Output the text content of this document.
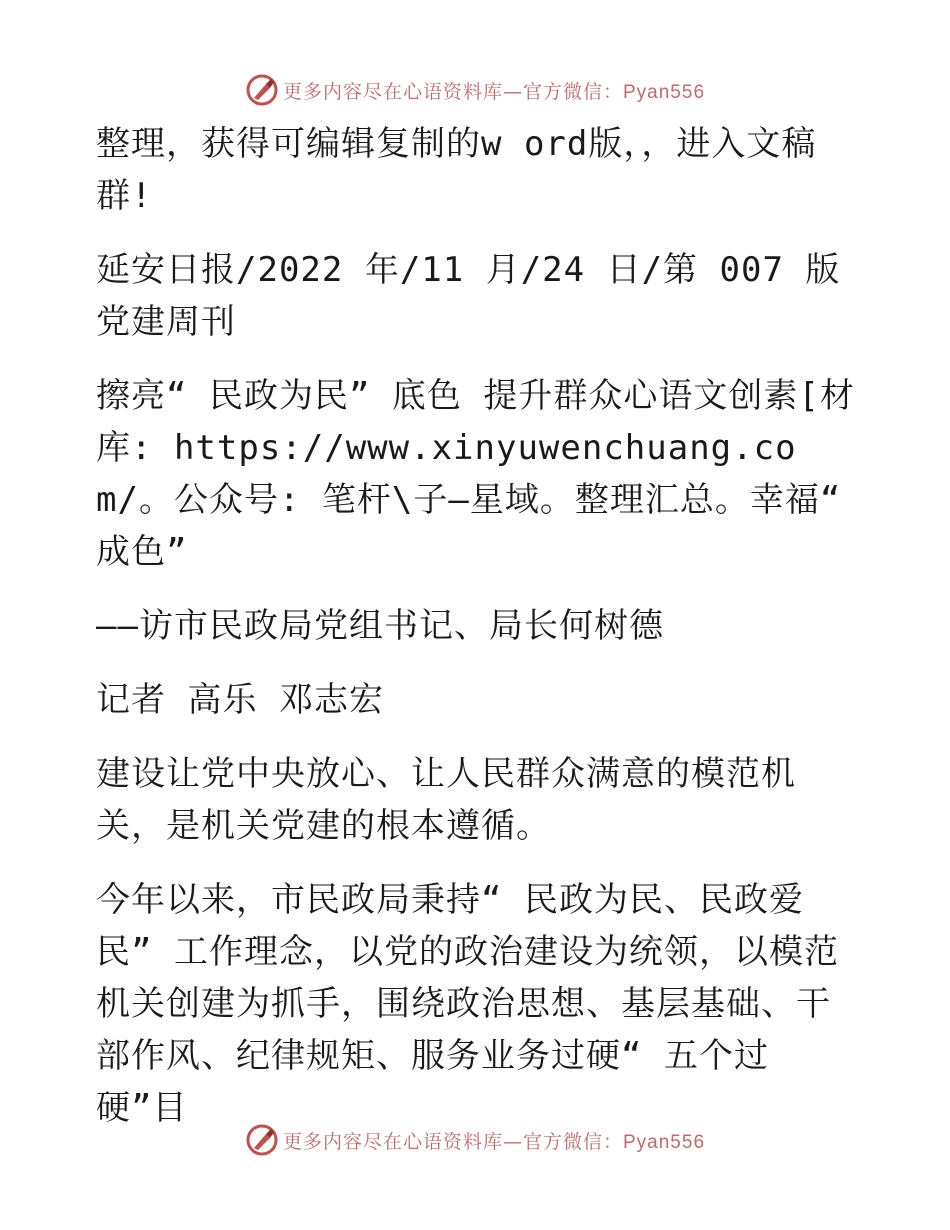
更多内容尽在心语资料库—官方微信：Pyan556

整理，获得可编辑复制的w ord版，，进入文稿群!

延安日报/2022 年/11 月/24 日/第 007 版党建周刊

擦亮“ 民政为民” 底色 提升群众心语文创素[材库: https://www.xinyuwenchuang.com/。公众号: 笔杆\子—星域。整理汇总。幸福“ 成色”

——访市民政局党组书记、局长何树德

记者 高乐 邓志宏

建设让党中央放心、让人民群众满意的模范机关，是机关党建的根本遵循。

今年以来，市民政局秉持“ 民政为民、民政爱民” 工作理念，以党的政治建设为统领，以模范机关创建为抓手，围绕政治思想、基层基础、干部作风、纪律规矩、服务业务过硬“ 五个过硬”目

更多内容尽在心语资料库—官方微信：Pyan556
